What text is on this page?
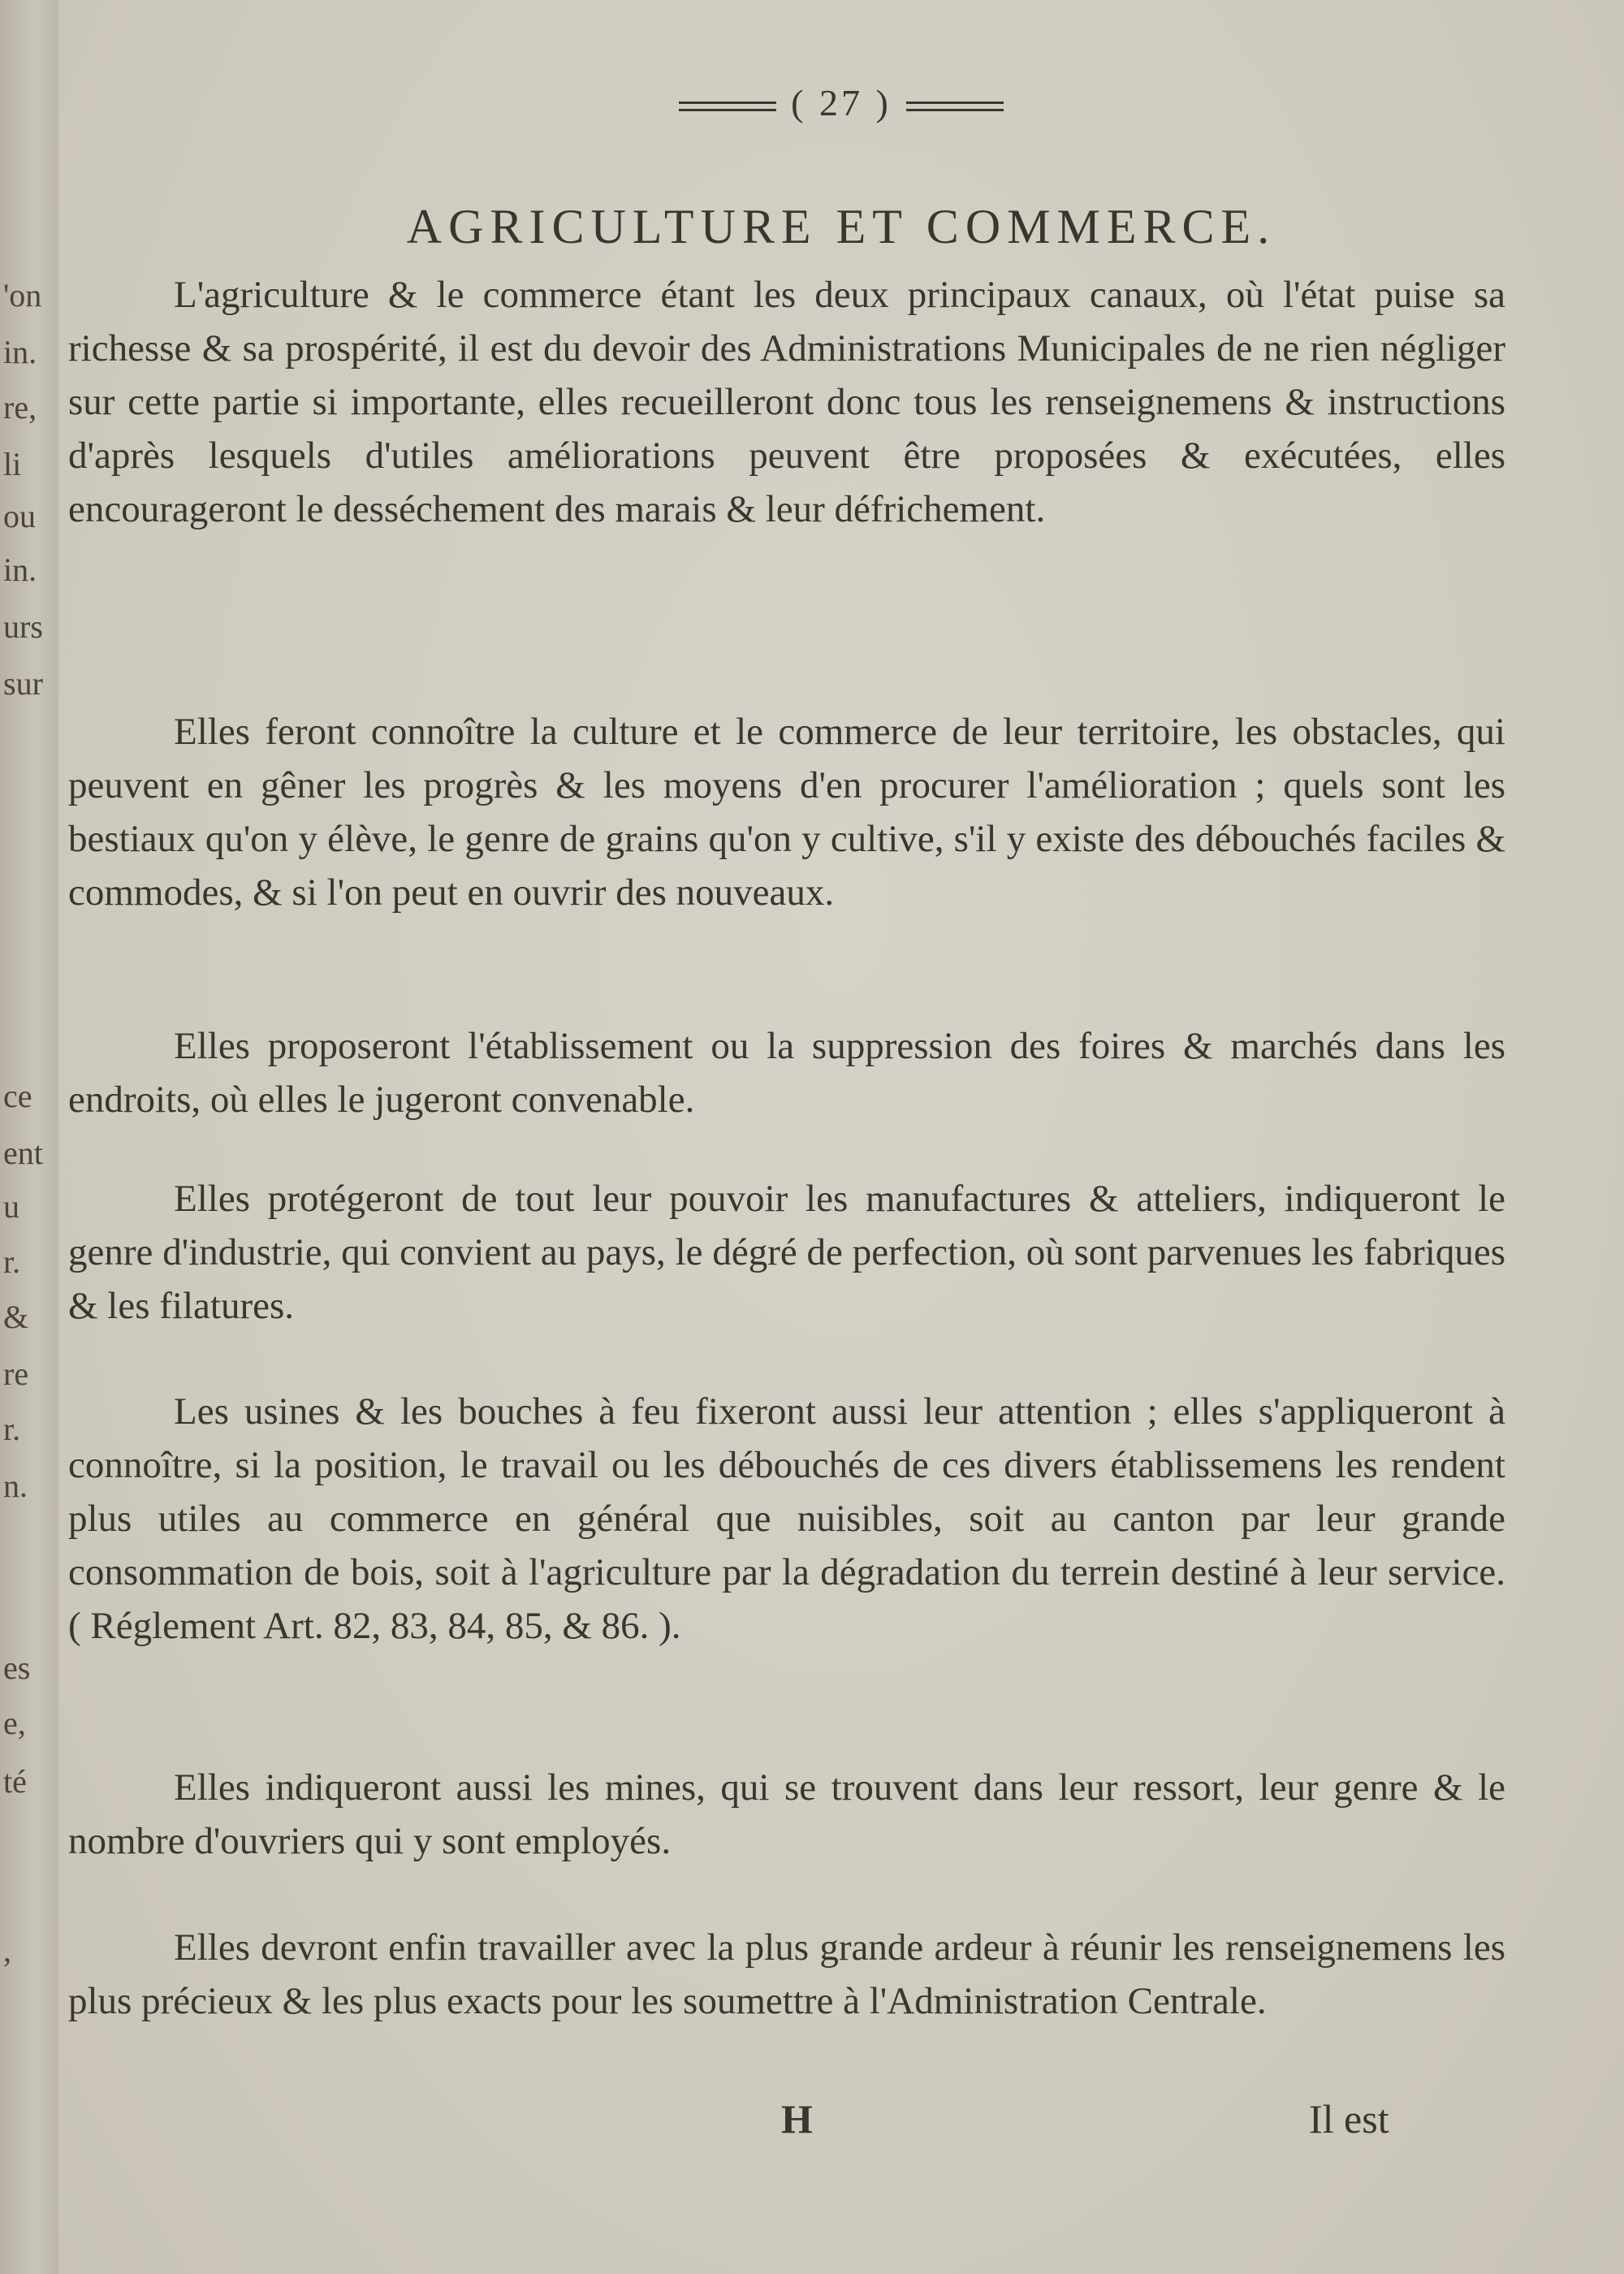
'on
in.
re,
li
ou
in.
urs
sur
ce
ent
u
r.
&
re
r.
n.
es
e,
té
,
( 27 )
AGRICULTURE ET COMMERCE.

L'agriculture & le commerce étant les deux principaux canaux, où l'état puise sa richesse & sa prospérité, il est du devoir des Administrations Municipales de ne rien négliger sur cette partie si importante, elles recueilleront donc tous les renseignemens & instructions d'après lesquels d'utiles améliorations peuvent être proposées & exécutées, elles encourageront le desséchement des marais & leur défrichement.

Elles feront connoître la culture et le commerce de leur territoire, les obstacles, qui peuvent en gêner les progrès & les moyens d'en procurer l'amélioration ; quels sont les bestiaux qu'on y élève, le genre de grains qu'on y cultive, s'il y existe des débouchés faciles & commodes, & si l'on peut en ouvrir des nouveaux.

Elles proposeront l'établissement ou la suppression des foires & marchés dans les endroits, où elles le jugeront convenable.

Elles protégeront de tout leur pouvoir les manufactures & atteliers, indiqueront le genre d'industrie, qui convient au pays, le dégré de perfection, où sont parvenues les fabriques & les filatures.

Les usines & les bouches à feu fixeront aussi leur attention ; elles s'appliqueront à connoître, si la position, le travail ou les débouchés de ces divers établissemens les rendent plus utiles au commerce en général que nuisibles, soit au canton par leur grande consommation de bois, soit à l'agriculture par la dégradation du terrein destiné à leur service. ( Réglement Art. 82, 83, 84, 85, & 86. ).

Elles indiqueront aussi les mines, qui se trouvent dans leur ressort, leur genre & le nombre d'ouvriers qui y sont employés.

Elles devront enfin travailler avec la plus grande ardeur à réunir les renseignemens les plus précieux & les plus exacts pour les soumettre à l'Administration Centrale.

H	Il est
